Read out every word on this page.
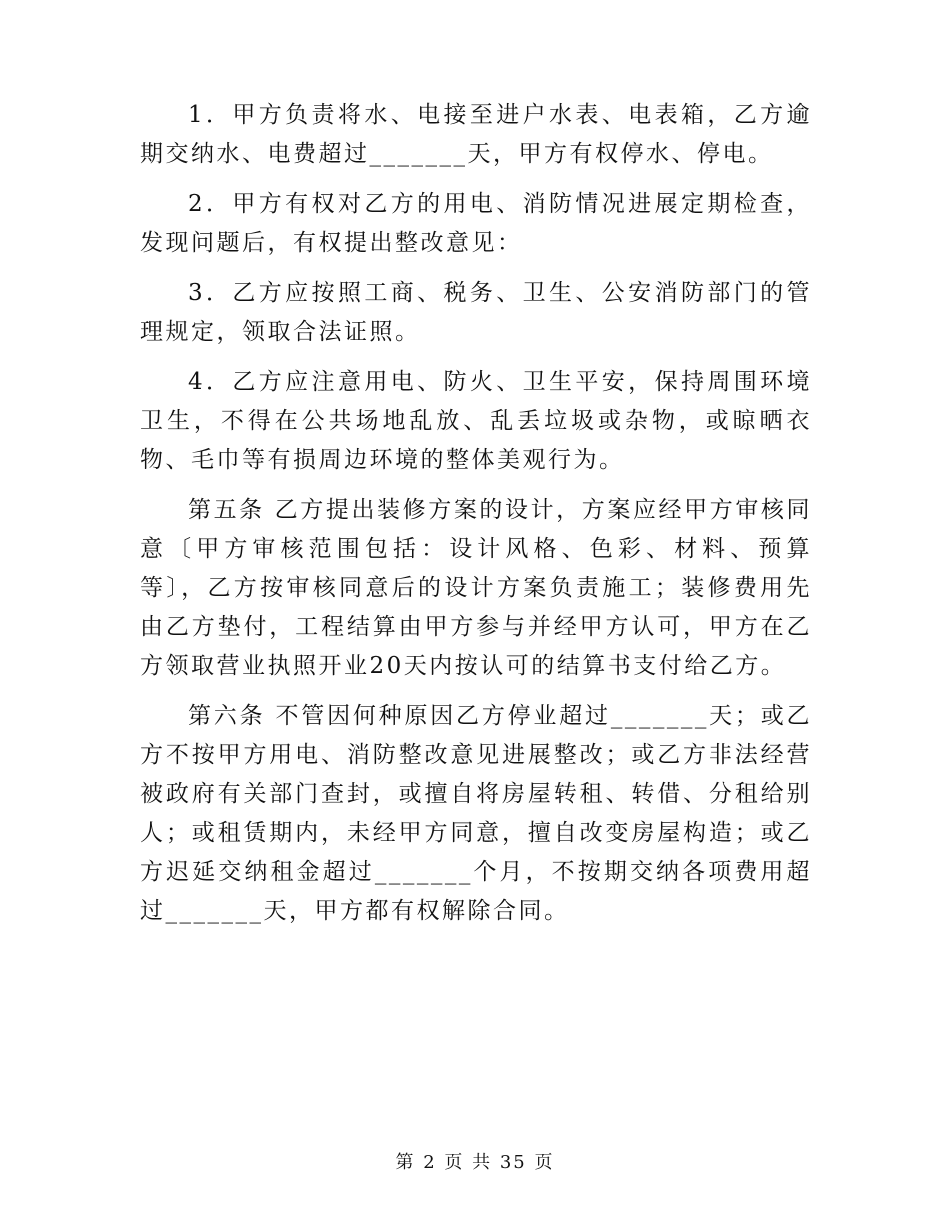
1．甲方负责将水、电接至进户水表、电表箱，乙方逾期交纳水、电费超过_______天，甲方有权停水、停电。

2．甲方有权对乙方的用电、消防情况进展定期检查，发现问题后，有权提出整改意见：

3．乙方应按照工商、税务、卫生、公安消防部门的管理规定，领取合法证照。

4．乙方应注意用电、防火、卫生平安，保持周围环境卫生，不得在公共场地乱放、乱丢垃圾或杂物，或晾晒衣物、毛巾等有损周边环境的整体美观行为。

第五条 乙方提出装修方案的设计，方案应经甲方审核同意〔甲方审核范围包括：设计风格、色彩、材料、预算等〕，乙方按审核同意后的设计方案负责施工；装修费用先由乙方垫付，工程结算由甲方参与并经甲方认可，甲方在乙方领取营业执照开业20天内按认可的结算书支付给乙方。

第六条 不管因何种原因乙方停业超过_______天；或乙方不按甲方用电、消防整改意见进展整改；或乙方非法经营被政府有关部门查封，或擅自将房屋转租、转借、分租给别人；或租赁期内，未经甲方同意，擅自改变房屋构造；或乙方迟延交纳租金超过_______个月，不按期交纳各项费用超过_______天，甲方都有权解除合同。

第 2 页 共 35 页
